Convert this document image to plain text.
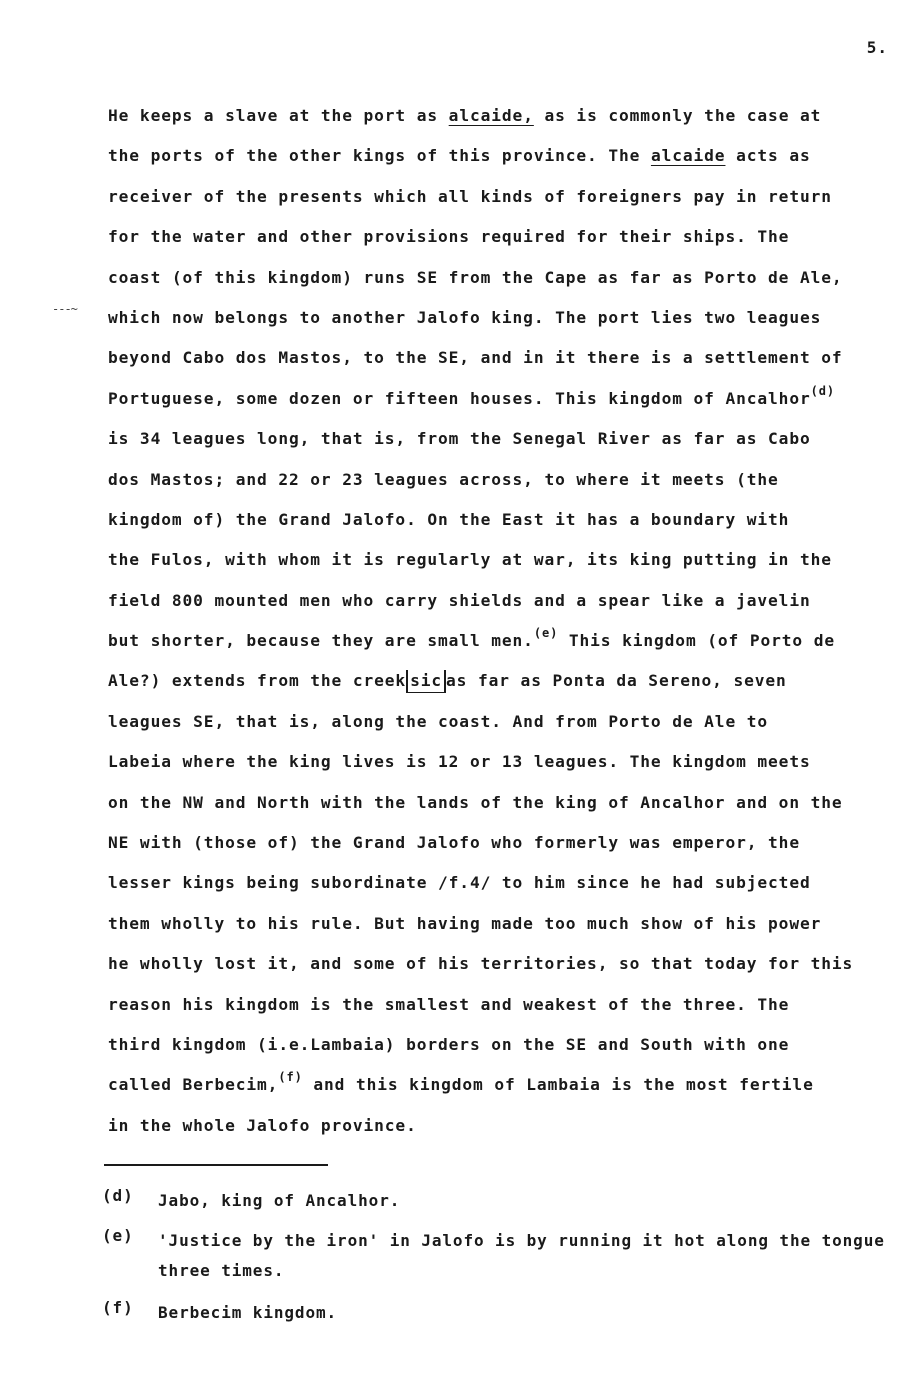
5.
---~
He keeps a slave at the port as alcaide, as is commonly the case at
the ports of the other kings of this province. The alcaide acts as
receiver of the presents which all kinds of foreigners pay in return
for the water and other provisions required for their ships. The
coast (of this kingdom) runs SE from the Cape as far as Porto de Ale,
which now belongs to another Jalofo king. The port lies two leagues
beyond Cabo dos Mastos, to the SE, and in it there is a settlement of
Portuguese, some dozen or fifteen houses. This kingdom of Ancalhor$^{(d)}$
is 34 leagues long, that is, from the Senegal River as far as Cabo
dos Mastos; and 22 or 23 leagues across, to where it meets (the
kingdom of) the Grand Jalofo. On the East it has a boundary with
the Fulos, with whom it is regularly at war, its king putting in the
field 800 mounted men who carry shields and a spear like a javelin
but shorter, because they are small men.$^{(e)}$ This kingdom (of Porto de
Ale?) extends from the creek sic as far as Ponta da Sereno, seven
leagues SE, that is, along the coast. And from Porto de Ale to
Labeia where the king lives is 12 or 13 leagues. The kingdom meets
on the NW and North with the lands of the king of Ancalhor and on the
NE with (those of) the Grand Jalofo who formerly was emperor, the
lesser kings being subordinate /f.4/ to him since he had subjected
them wholly to his rule. But having made too much show of his power
he wholly lost it, and some of his territories, so that today for this
reason his kingdom is the smallest and weakest of the three. The
third kingdom (i.e.Lambaia) borders on the SE and South with one
called Berbecim,$^{(f)}$ and this kingdom of Lambaia is the most fertile
in the whole Jalofo province.
(d) Jabo, king of Ancalhor.
(e) 'Justice by the iron' in Jalofo is by running it hot along the tongue three times.
(f) Berbecim kingdom.
